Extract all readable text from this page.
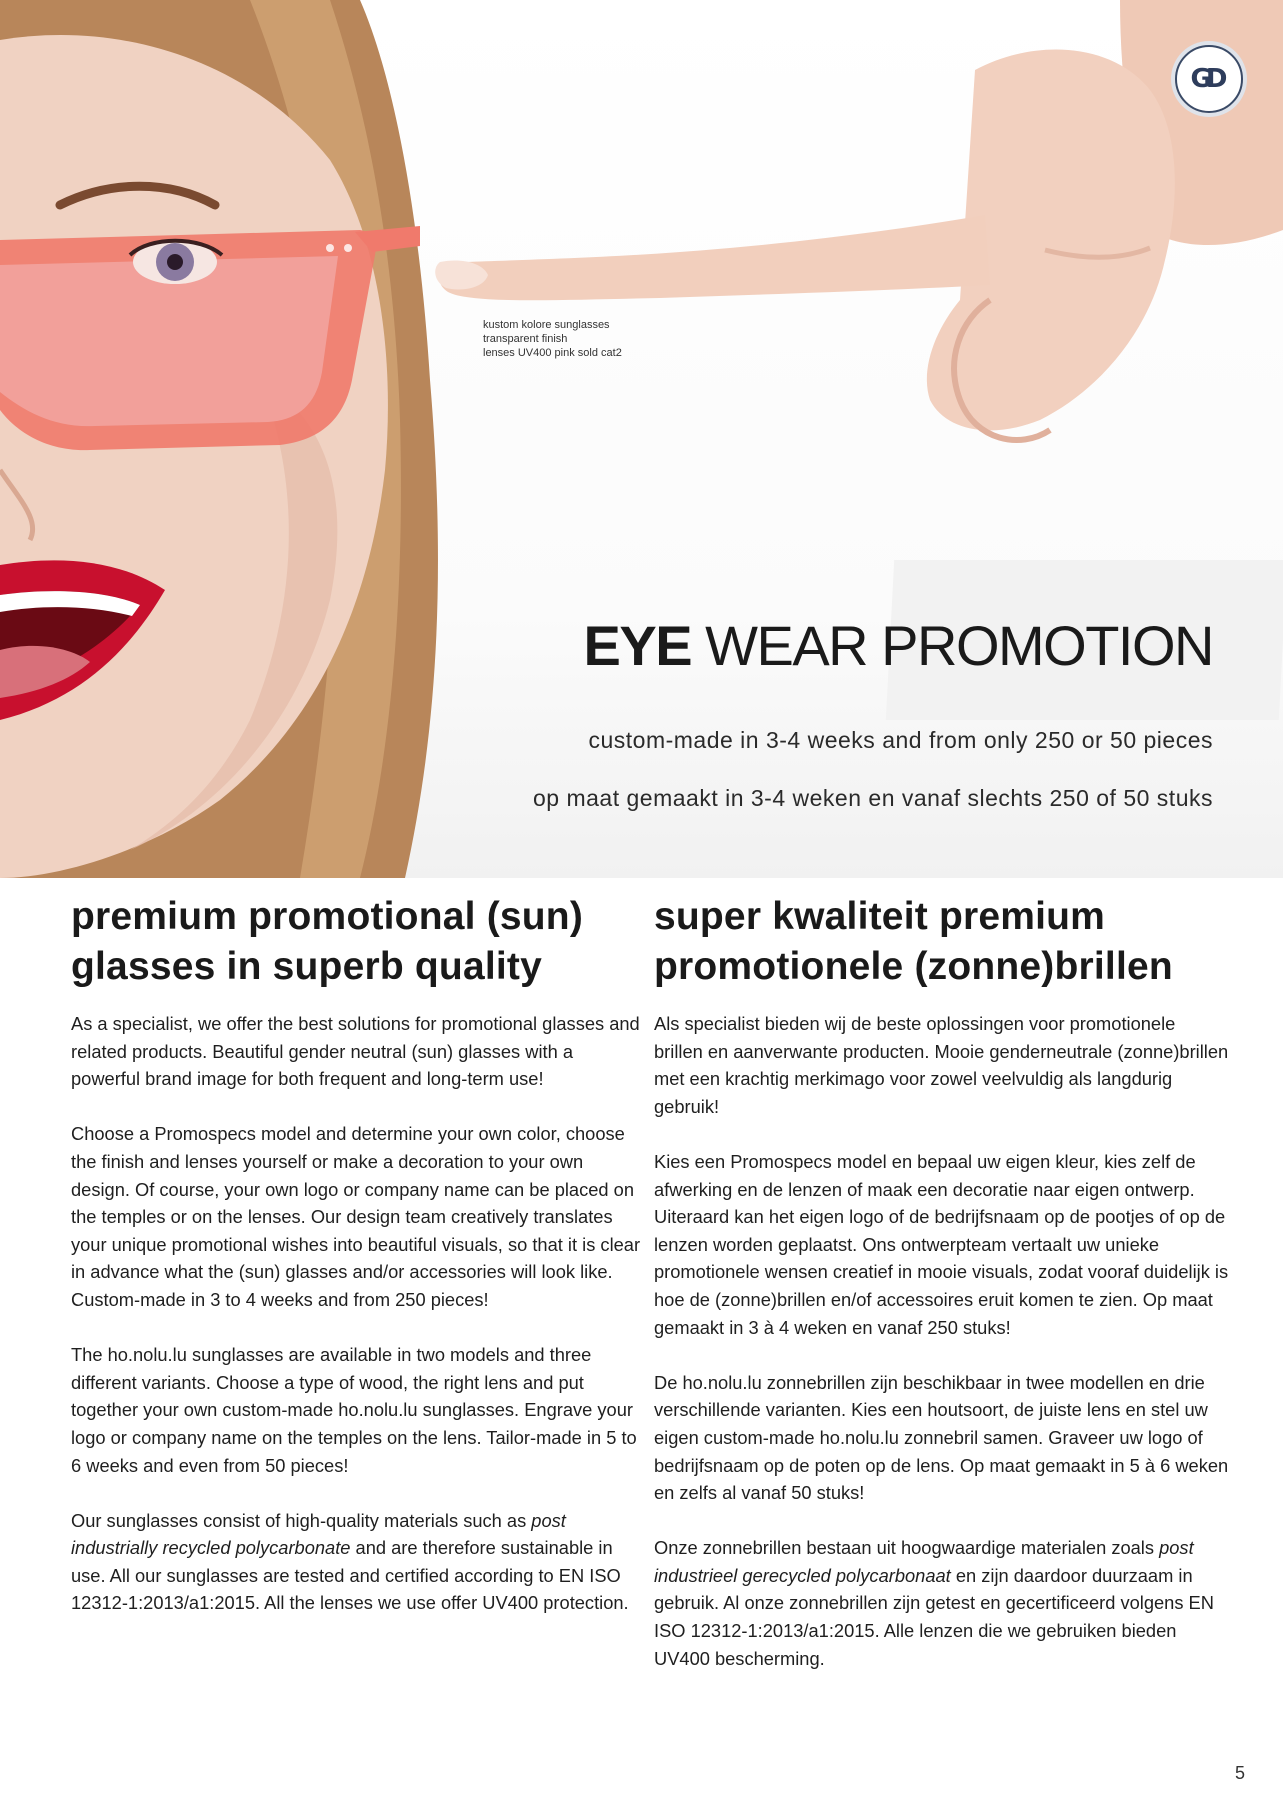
GD
kustom kolore sunglasses
transparent finish
lenses UV400 pink sold cat2
EYE WEAR PROMOTION
custom-made in 3-4 weeks and from only 250 or 50 pieces
op maat gemaakt in 3-4 weken en vanaf slechts 250 of 50 stuks
premium promotional (sun) glasses in superb quality

As a specialist, we offer the best solutions for promotional glasses and related products. Beautiful gender neutral (sun) glasses with a powerful brand image for both frequent and long-term use!

Choose a Promospecs model and determine your own color, choose the finish and lenses yourself or make a decoration to your own design. Of course, your own logo or company name can be placed on the temples or on the lenses. Our design team creatively translates your unique promotional wishes into beautiful visuals, so that it is clear in advance what the (sun) glasses and/or accessories will look like. Custom-made in 3 to 4 weeks and from 250 pieces!

The ho.nolu.lu sunglasses are available in two models and three different variants. Choose a type of wood, the right lens and put together your own custom-made ho.nolu.lu sunglasses. Engrave your logo or company name on the temples on the lens. Tailor-made in 5 to 6 weeks and even from 50 pieces!

Our sunglasses consist of high-quality materials such as post industrially recycled polycarbonate and are therefore sustainable in use. All our sunglasses are tested and certified according to EN ISO 12312-1:2013/a1:2015. All the lenses we use offer UV400 protection.

super kwaliteit premium promotionele (zonne)brillen

Als specialist bieden wij de beste oplossingen voor promotionele brillen en aanverwante producten. Mooie genderneutrale (zonne)brillen met een krachtig merkimago voor zowel veelvuldig als langdurig gebruik!

Kies een Promospecs model en bepaal uw eigen kleur, kies zelf de afwerking en de lenzen of maak een decoratie naar eigen ontwerp. Uiteraard kan het eigen logo of de bedrijfsnaam op de pootjes of op de lenzen worden geplaatst. Ons ontwerpteam vertaalt uw unieke promotionele wensen creatief in mooie visuals, zodat vooraf duidelijk is hoe de (zonne)brillen en/of accessoires eruit komen te zien. Op maat gemaakt in 3 à 4 weken en vanaf 250 stuks!

De ho.nolu.lu zonnebrillen zijn beschikbaar in twee modellen en drie verschillende varianten. Kies een houtsoort, de juiste lens en stel uw eigen custom-made ho.nolu.lu zonnebril samen. Graveer uw logo of bedrijfsnaam op de poten op de lens. Op maat gemaakt in 5 à 6 weken en zelfs al vanaf 50 stuks!

Onze zonnebrillen bestaan uit hoogwaardige materialen zoals post industrieel gerecycled polycarbonaat en zijn daardoor duurzaam in gebruik. Al onze zonnebrillen zijn getest en gecertificeerd volgens EN ISO 12312-1:2013/a1:2015. Alle lenzen die we gebruiken bieden UV400 bescherming.

5
